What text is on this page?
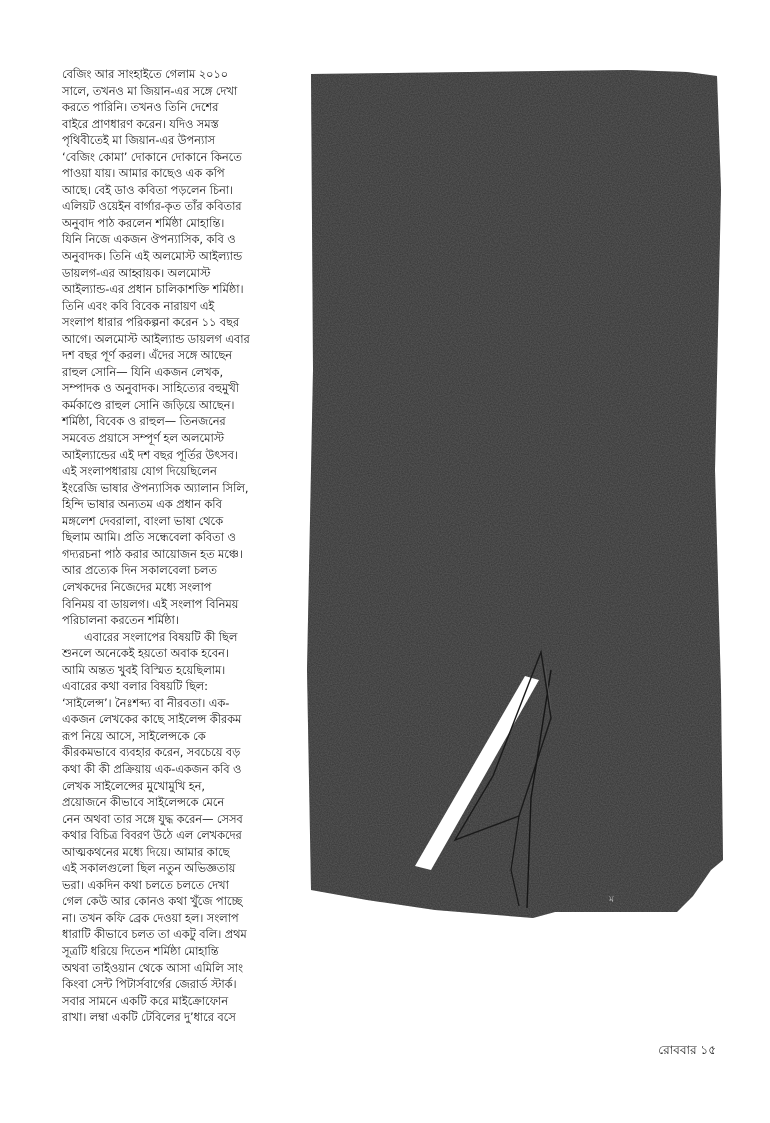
বেজিং আর সাংহাইতে গেলাম ২০১০
সালে, তখনও মা জিয়ান-এর সঙ্গে দেখা
করতে পারিনি। তখনও তিনি দেশের
বাইরে প্রাণধারণ করেন। যদিও সমস্ত
পৃথিবীতেই মা জিয়ান-এর উপন্যাস
‘বেজিং কোমা’ দোকানে দোকানে কিনতে
পাওয়া যায়। আমার কাছেও এক কপি
আছে। বেই ডাও কবিতা পড়লেন চিনা।
এলিয়ট ওয়েইন বার্গার-কৃত তাঁর কবিতার
অনুবাদ পাঠ করলেন শর্মিষ্ঠা মোহান্তি।
যিনি নিজে একজন ঔপন্যাসিক, কবি ও
অনুবাদক। তিনি এই অলমোস্ট আইল্যান্ড
ডায়লগ-এর আহ্বায়ক। অলমোস্ট
আইল্যান্ড-এর প্রধান চালিকাশক্তি শর্মিষ্ঠা।
তিনি এবং কবি বিবেক নারায়ণ এই
সংলাপ ধারার পরিকল্পনা করেন ১১ বছর
আগে। অলমোস্ট আইল্যান্ড ডায়লগ এবার
দশ বছর পূর্ণ করল। এঁদের সঙ্গে আছেন
রাহুল সোনি— যিনি একজন লেখক,
সম্পাদক ও অনুবাদক। সাহিত্যের বহুমুখী
কর্মকাণ্ডে রাহুল সোনি জড়িয়ে আছেন।
শর্মিষ্ঠা, বিবেক ও রাহুল— তিনজনের
সমবেত প্রয়াসে সম্পূর্ণ হল অলমোস্ট
আইল্যান্ডের এই দশ বছর পূর্তির উৎসব।
এই সংলাপধারায় যোগ দিয়েছিলেন
ইংরেজি ভাষার ঔপন্যাসিক অ্যালান সিলি,
হিন্দি ভাষার অন্যতম এক প্রধান কবি
মঙ্গলেশ দেবরালা, বাংলা ভাষা থেকে
ছিলাম আমি। প্রতি সন্ধেবেলা কবিতা ও
গদ্যরচনা পাঠ করার আয়োজন হত মঞ্চে।
আর প্রত্যেক দিন সকালবেলা চলত
লেখকদের নিজেদের মধ্যে সংলাপ
বিনিময় বা ডায়লগ। এই সংলাপ বিনিময়
পরিচালনা করতেন শর্মিষ্ঠা।
এবারের সংলাপের বিষয়টি কী ছিল
শুনলে অনেকেই হয়তো অবাক হবেন।
আমি অন্তত খুবই বিস্মিত হয়েছিলাম।
এবারের কথা বলার বিষয়টি ছিল:
‘সাইলেন্স’। নৈঃশব্দ্য বা নীরবতা। এক-
একজন লেখকের কাছে সাইলেন্স কীরকম
রূপ নিয়ে আসে, সাইলেন্সকে কে
কীরকমভাবে ব্যবহার করেন, সবচেয়ে বড়
কথা কী কী প্রক্রিয়ায় এক-একজন কবি ও
লেখক সাইলেন্সের মুখোমুখি হন,
প্রয়োজনে কীভাবে সাইলেন্সকে মেনে
নেন অথবা তার সঙ্গে যুদ্ধ করেন— সেসব
কথার বিচিত্র বিবরণ উঠে এল লেখকদের
আত্মকথনের মধ্যে দিয়ে। আমার কাছে
এই সকালগুলো ছিল নতুন অভিজ্ঞতায়
ভরা। একদিন কথা চলতে চলতে দেখা
গেল কেউ আর কোনও কথা খুঁজে পাচ্ছে
না। তখন কফি ব্রেক দেওয়া হল। সংলাপ
ধারাটি কীভাবে চলত তা একটু বলি। প্রথম
সূত্রটি ধরিয়ে দিতেন শর্মিষ্ঠা মোহান্তি
অথবা তাইওয়ান থেকে আসা এমিলি সাং
কিংবা সেন্ট পিটার্সবার্গের জেরার্ড স্টার্ক।
সবার সামনে একটি করে মাইক্রোফোন
রাখা। লম্বা একটি টেবিলের দু’ধারে বসে
ম
রোববার ১৫
